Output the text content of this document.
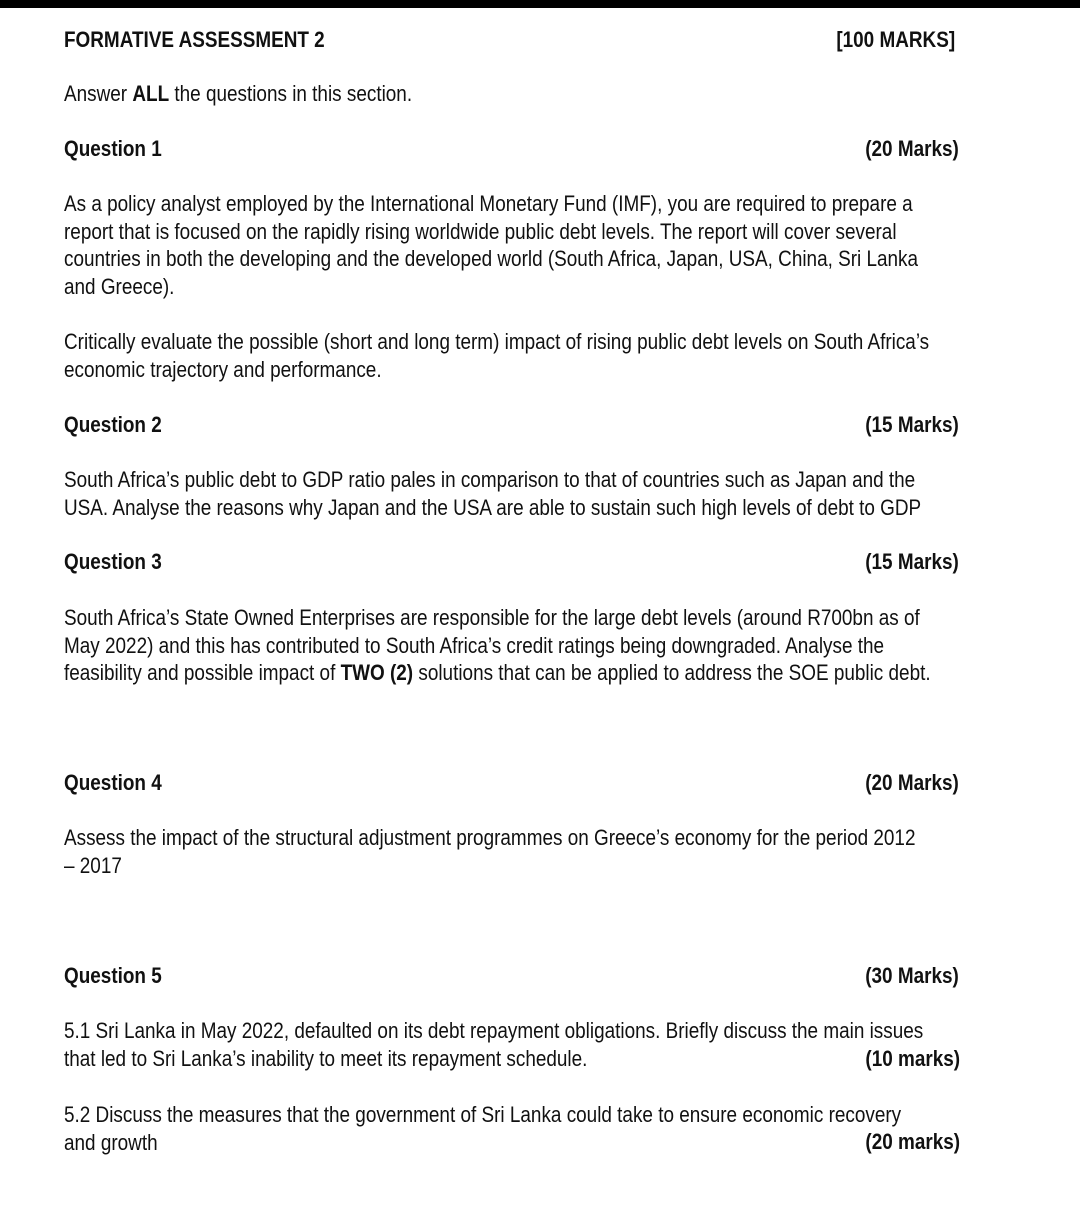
FORMATIVE ASSESSMENT 2	[100 MARKS]
Answer ALL the questions in this section.
Question 1	(20 Marks)
As a policy analyst employed by the International Monetary Fund (IMF), you are required to prepare a
report that is focused on the rapidly rising worldwide public debt levels. The report will cover several
countries in both the developing and the developed world (South Africa, Japan, USA, China, Sri Lanka
and Greece).
Critically evaluate the possible (short and long term) impact of rising public debt levels on South Africa’s
economic trajectory and performance.
Question 2	(15 Marks)
South Africa’s public debt to GDP ratio pales in comparison to that of countries such as Japan and the
USA. Analyse the reasons why Japan and the USA are able to sustain such high levels of debt to GDP
Question 3	(15 Marks)
South Africa’s State Owned Enterprises are responsible for the large debt levels (around R700bn as of
May 2022) and this has contributed to South Africa’s credit ratings being downgraded. Analyse the
feasibility and possible impact of TWO (2) solutions that can be applied to address the SOE public debt.
Question 4	(20 Marks)
Assess the impact of the structural adjustment programmes on Greece’s economy for the period 2012
– 2017
Question 5	(30 Marks)
5.1 Sri Lanka in May 2022, defaulted on its debt repayment obligations. Briefly discuss the main issues
that led to Sri Lanka’s inability to meet its repayment schedule.	(10 marks)
5.2 Discuss the measures that the government of Sri Lanka could take to ensure economic recovery
and growth	(20 marks)
